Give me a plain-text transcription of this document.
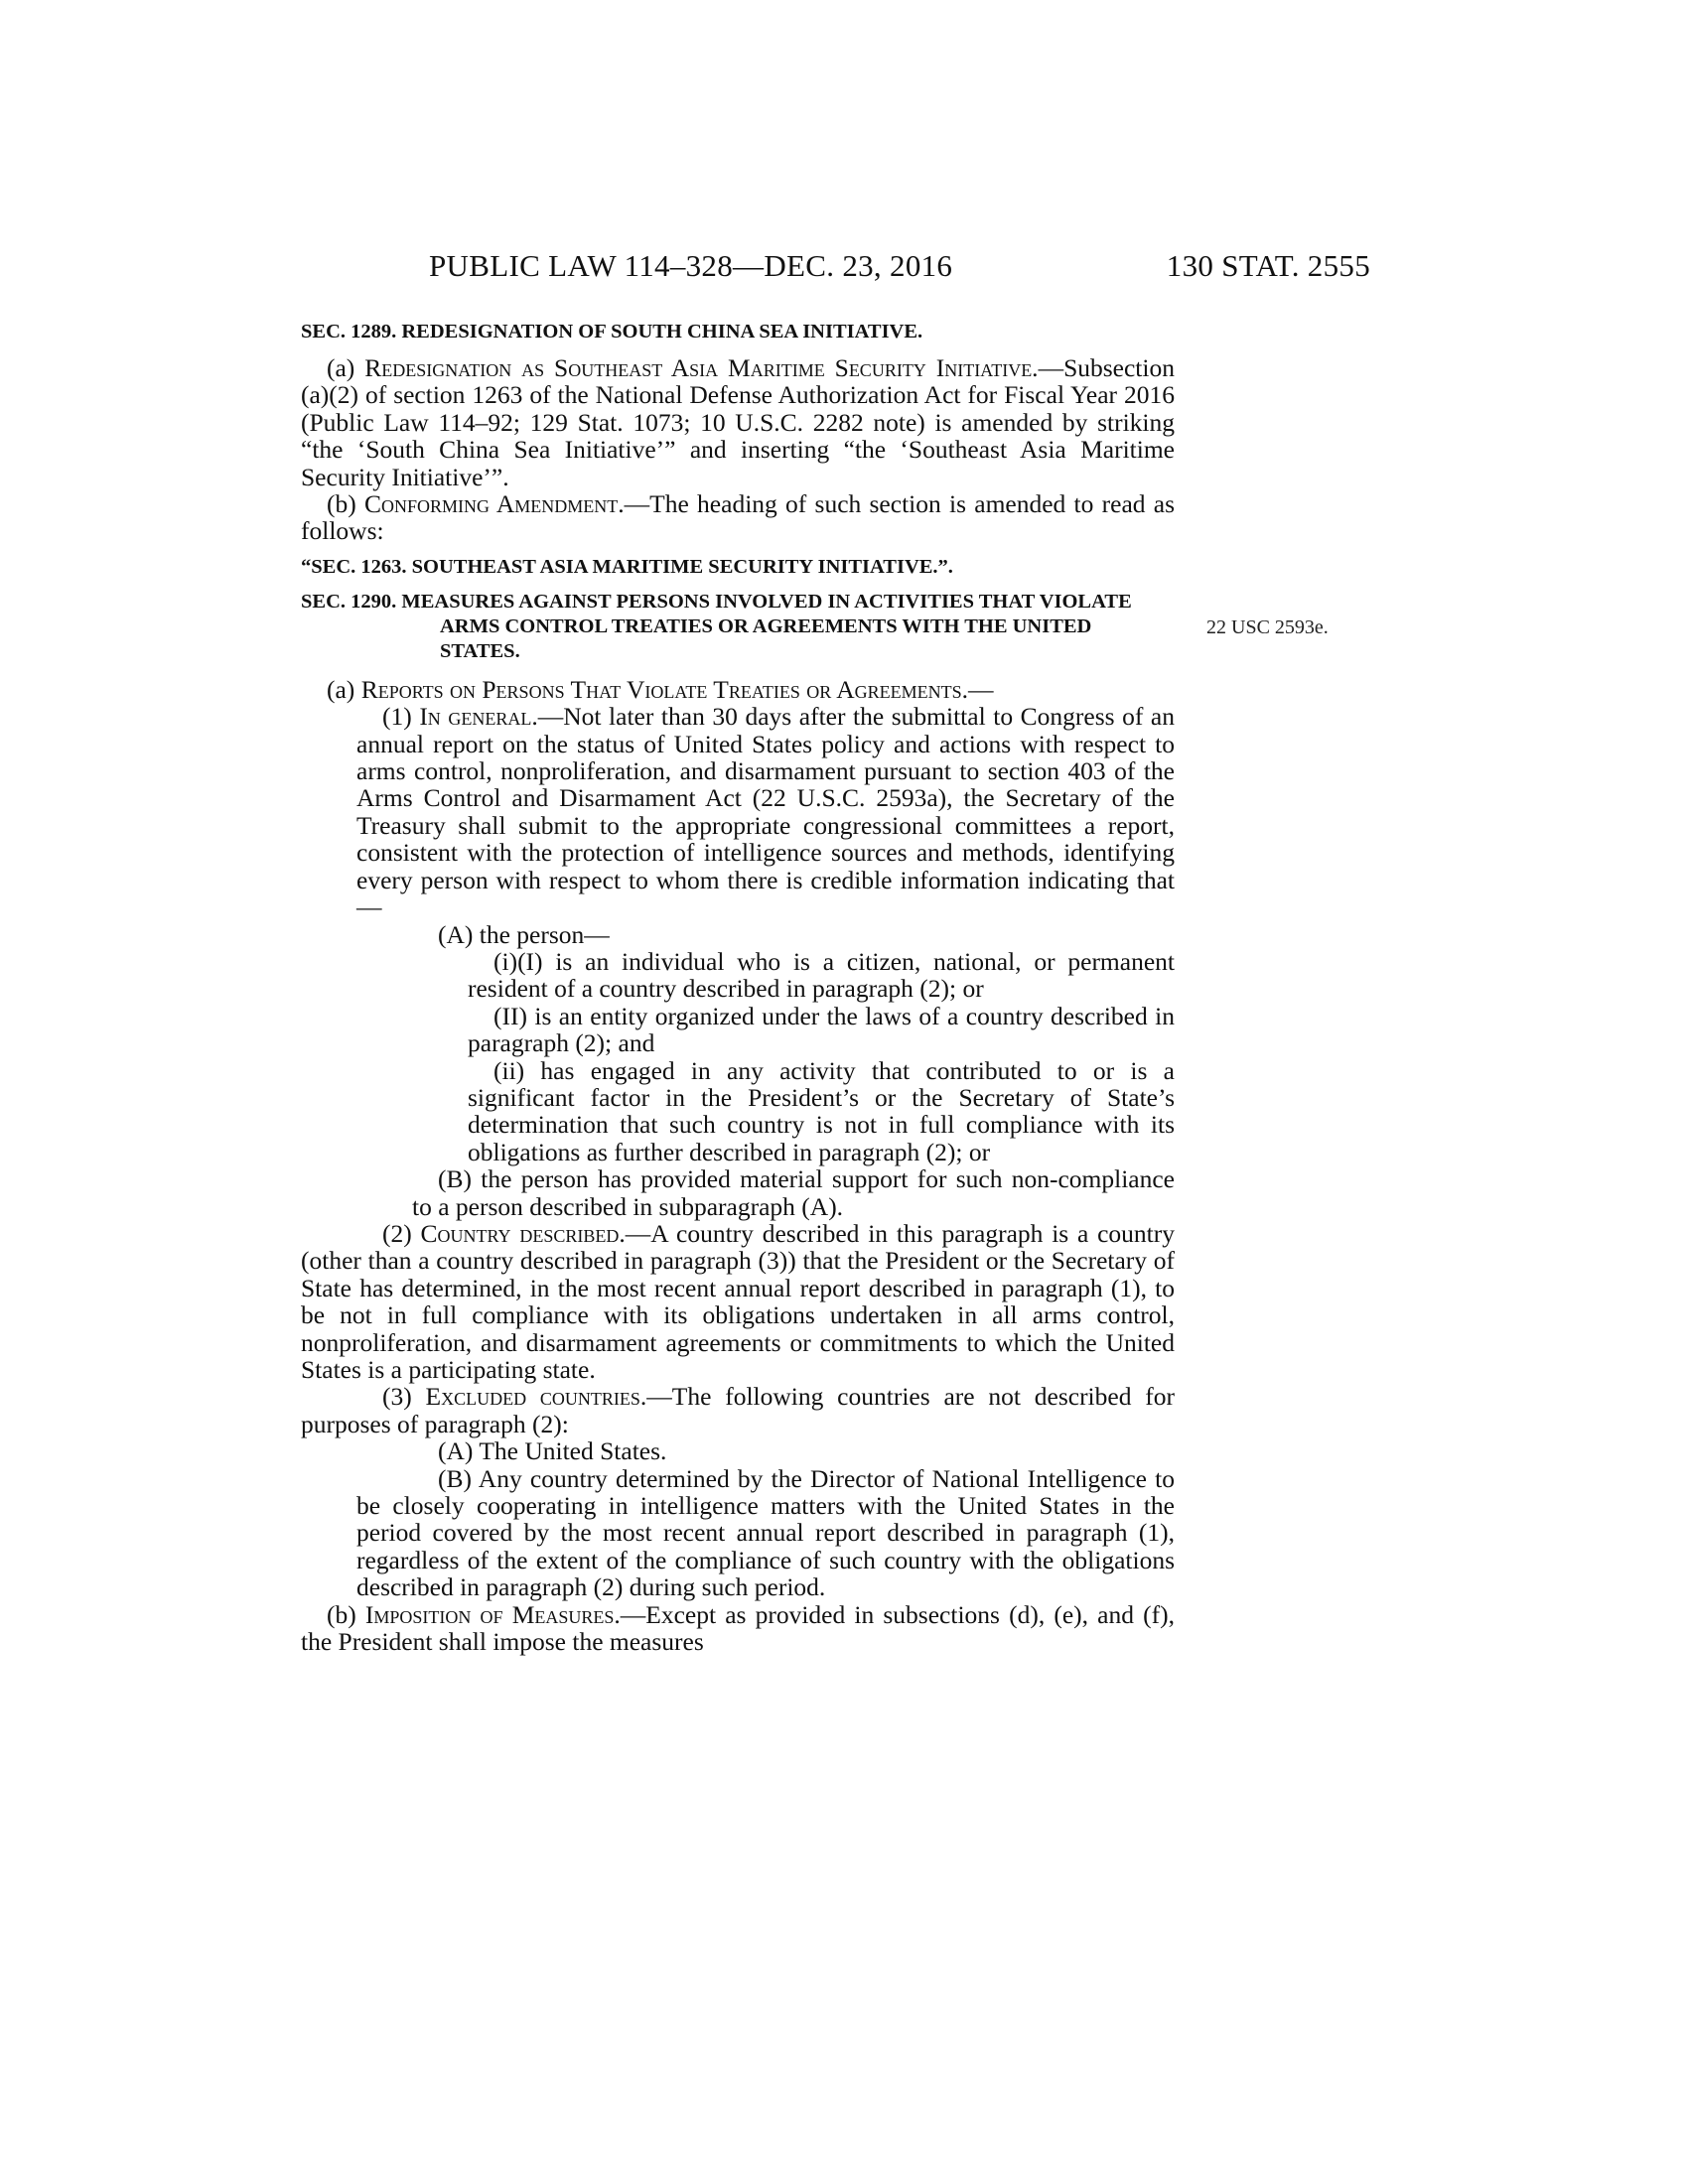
PUBLIC LAW 114–328—DEC. 23, 2016	130 STAT. 2555
22 USC 2593e.
SEC. 1289. REDESIGNATION OF SOUTH CHINA SEA INITIATIVE.

(a) Redesignation as Southeast Asia Maritime Security Initiative.—Subsection (a)(2) of section 1263 of the National Defense Authorization Act for Fiscal Year 2016 (Public Law 114–92; 129 Stat. 1073; 10 U.S.C. 2282 note) is amended by striking “the ‘South China Sea Initiative’” and inserting “the ‘Southeast Asia Maritime Security Initiative’”.

(b) Conforming Amendment.—The heading of such section is amended to read as follows:

“SEC. 1263. SOUTHEAST ASIA MARITIME SECURITY INITIATIVE.”.
SEC. 1290. MEASURES AGAINST PERSONS INVOLVED IN ACTIVITIES THAT VIOLATE ARMS CONTROL TREATIES OR AGREEMENTS WITH THE UNITED STATES.

(a) Reports on Persons That Violate Treaties or Agreements.—

(1) In general.—Not later than 30 days after the submittal to Congress of an annual report on the status of United States policy and actions with respect to arms control, nonproliferation, and disarmament pursuant to section 403 of the Arms Control and Disarmament Act (22 U.S.C. 2593a), the Secretary of the Treasury shall submit to the appropriate congressional committees a report, consistent with the protection of intelligence sources and methods, identifying every person with respect to whom there is credible information indicating that—

(A) the person—

(i)(I) is an individual who is a citizen, national, or permanent resident of a country described in paragraph (2); or

(II) is an entity organized under the laws of a country described in paragraph (2); and

(ii) has engaged in any activity that contributed to or is a significant factor in the President’s or the Secretary of State’s determination that such country is not in full compliance with its obligations as further described in paragraph (2); or

(B) the person has provided material support for such non-compliance to a person described in subparagraph (A).

(2) Country described.—A country described in this paragraph is a country (other than a country described in paragraph (3)) that the President or the Secretary of State has determined, in the most recent annual report described in paragraph (1), to be not in full compliance with its obligations undertaken in all arms control, nonproliferation, and disarmament agreements or commitments to which the United States is a participating state.

(3) Excluded countries.—The following countries are not described for purposes of paragraph (2):

(A) The United States.

(B) Any country determined by the Director of National Intelligence to be closely cooperating in intelligence matters with the United States in the period covered by the most recent annual report described in paragraph (1), regardless of the extent of the compliance of such country with the obligations described in paragraph (2) during such period.

(b) Imposition of Measures.—Except as provided in subsections (d), (e), and (f), the President shall impose the measures
